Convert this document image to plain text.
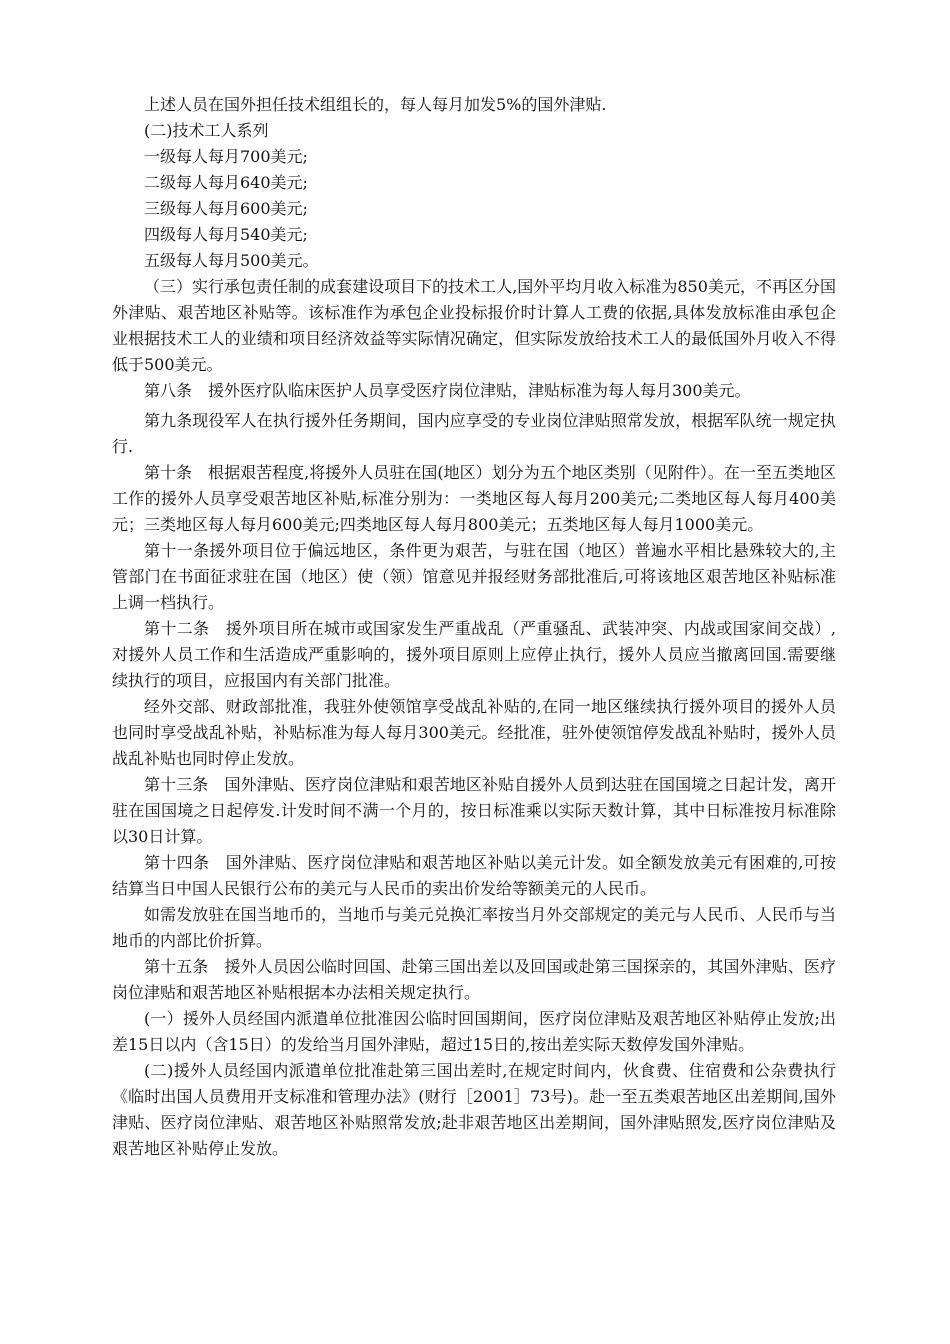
上述人员在国外担任技术组组长的，每人每月加发5%的国外津贴.

(二)技术工人系列

一级每人每月700美元;

二级每人每月640美元;

三级每人每月600美元;

四级每人每月540美元;

五级每人每月500美元。

（三）实行承包责任制的成套建设项目下的技术工人,国外平均月收入标准为850美元，不再区分国外津贴、艰苦地区补贴等。该标准作为承包企业投标报价时计算人工费的依据,具体发放标准由承包企业根据技术工人的业绩和项目经济效益等实际情况确定，但实际发放给技术工人的最低国外月收入不得低于500美元。

第八条　援外医疗队临床医护人员享受医疗岗位津贴，津贴标准为每人每月300美元。

第九条现役军人在执行援外任务期间，国内应享受的专业岗位津贴照常发放，根据军队统一规定执行.

第十条　根据艰苦程度,将援外人员驻在国(地区）划分为五个地区类别（见附件）。在一至五类地区工作的援外人员享受艰苦地区补贴,标准分别为：一类地区每人每月200美元;二类地区每人每月400美元；三类地区每人每月600美元;四类地区每人每月800美元；五类地区每人每月1000美元。

第十一条援外项目位于偏远地区，条件更为艰苦，与驻在国（地区）普遍水平相比悬殊较大的,主管部门在书面征求驻在国（地区）使（领）馆意见并报经财务部批准后,可将该地区艰苦地区补贴标准上调一档执行。

第十二条　援外项目所在城市或国家发生严重战乱（严重骚乱、武装冲突、内战或国家间交战）,对援外人员工作和生活造成严重影响的，援外项目原则上应停止执行，援外人员应当撤离回国.需要继续执行的项目，应报国内有关部门批准。

经外交部、财政部批准，我驻外使领馆享受战乱补贴的,在同一地区继续执行援外项目的援外人员也同时享受战乱补贴，补贴标准为每人每月300美元。经批准，驻外使领馆停发战乱补贴时，援外人员战乱补贴也同时停止发放。

第十三条　国外津贴、医疗岗位津贴和艰苦地区补贴自援外人员到达驻在国国境之日起计发，离开驻在国国境之日起停发.计发时间不满一个月的，按日标准乘以实际天数计算，其中日标准按月标准除以30日计算。

第十四条　国外津贴、医疗岗位津贴和艰苦地区补贴以美元计发。如全额发放美元有困难的,可按结算当日中国人民银行公布的美元与人民币的卖出价发给等额美元的人民币。

如需发放驻在国当地币的，当地币与美元兑换汇率按当月外交部规定的美元与人民币、人民币与当地币的内部比价折算。

第十五条　援外人员因公临时回国、赴第三国出差以及回国或赴第三国探亲的，其国外津贴、医疗岗位津贴和艰苦地区补贴根据本办法相关规定执行。

(一）援外人员经国内派遣单位批准因公临时回国期间，医疗岗位津贴及艰苦地区补贴停止发放;出差15日以内（含15日）的发给当月国外津贴，超过15日的,按出差实际天数停发国外津贴。

(二)援外人员经国内派遣单位批准赴第三国出差时,在规定时间内，伙食费、住宿费和公杂费执行《临时出国人员费用开支标准和管理办法》(财行［2001］73号)。赴一至五类艰苦地区出差期间,国外津贴、医疗岗位津贴、艰苦地区补贴照常发放;赴非艰苦地区出差期间，国外津贴照发,医疗岗位津贴及艰苦地区补贴停止发放。
